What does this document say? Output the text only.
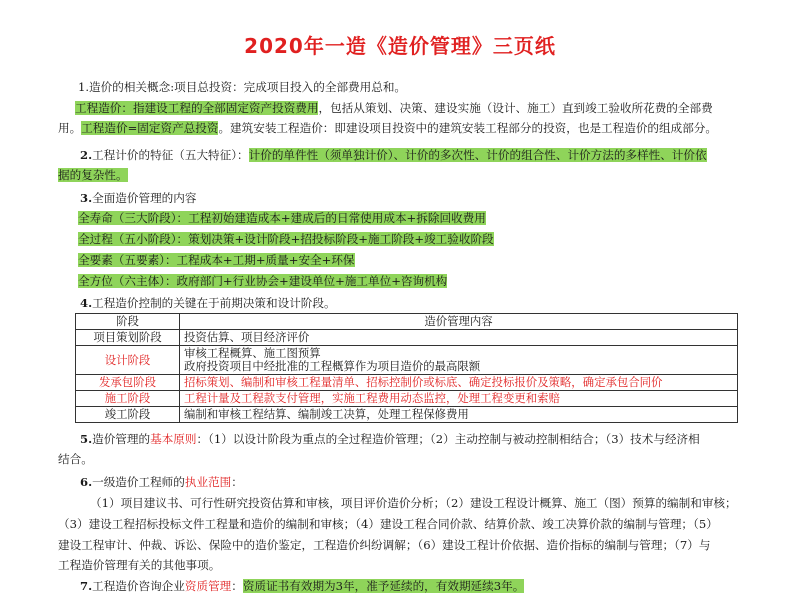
2020年一造《造价管理》三页纸
1.造价的相关概念:项目总投资：完成项目投入的全部费用总和。
工程造价：指建设工程的全部固定资产投资费用，包括从策划、决策、建设实施（设计、施工）直到竣工验收所花费的全部费
用。工程造价=固定资产总投资。建筑安装工程造价：即建设项目投资中的建筑安装工程部分的投资，也是工程造价的组成部分。
2.工程计价的特征（五大特征）：计价的单件性（须单独计价）、计价的多次性、计价的组合性、计价方法的多样性、计价依
据的复杂性。
3.全面造价管理的内容
全寿命（三大阶段）：工程初始建造成本+建成后的日常使用成本+拆除回收费用
全过程（五小阶段）：策划决策+设计阶段+招投标阶段+施工阶段+竣工验收阶段
全要素（五要素）：工程成本+工期+质量+安全+环保
全方位（六主体）：政府部门+行业协会+建设单位+施工单位+咨询机构
4.工程造价控制的关键在于前期决策和设计阶段。
阶段	造价管理内容
项目策划阶段	投资估算、项目经济评价
设计阶段	审核工程概算、施工图预算
政府投资项目中经批准的工程概算作为项目造价的最高限额

发承包阶段	招标策划、编制和审核工程量清单、招标控制价或标底、确定投标报价及策略，确定承包合同价
施工阶段	工程计量及工程款支付管理，实施工程费用动态监控，处理工程变更和索赔
竣工阶段	编制和审核工程结算、编制竣工决算，处理工程保修费用
5.造价管理的基本原则：（1）以设计阶段为重点的全过程造价管理；（2）主动控制与被动控制相结合；（3）技术与经济相
结合。
6.一级造价工程师的执业范围：
（1）项目建议书、可行性研究投资估算和审核，项目评价造价分析；（2）建设工程设计概算、施工（图）预算的编制和审核；
（3）建设工程招标投标文件工程量和造价的编制和审核；（4）建设工程合同价款、结算价款、竣工决算价款的编制与管理；（5）
建设工程审计、仲裁、诉讼、保险中的造价鉴定，工程造价纠纷调解；（6）建设工程计价依据、造价指标的编制与管理；（7）与
工程造价管理有关的其他事项。
7.工程造价咨询企业资质管理：资质证书有效期为3年，准予延续的，有效期延续3年。
